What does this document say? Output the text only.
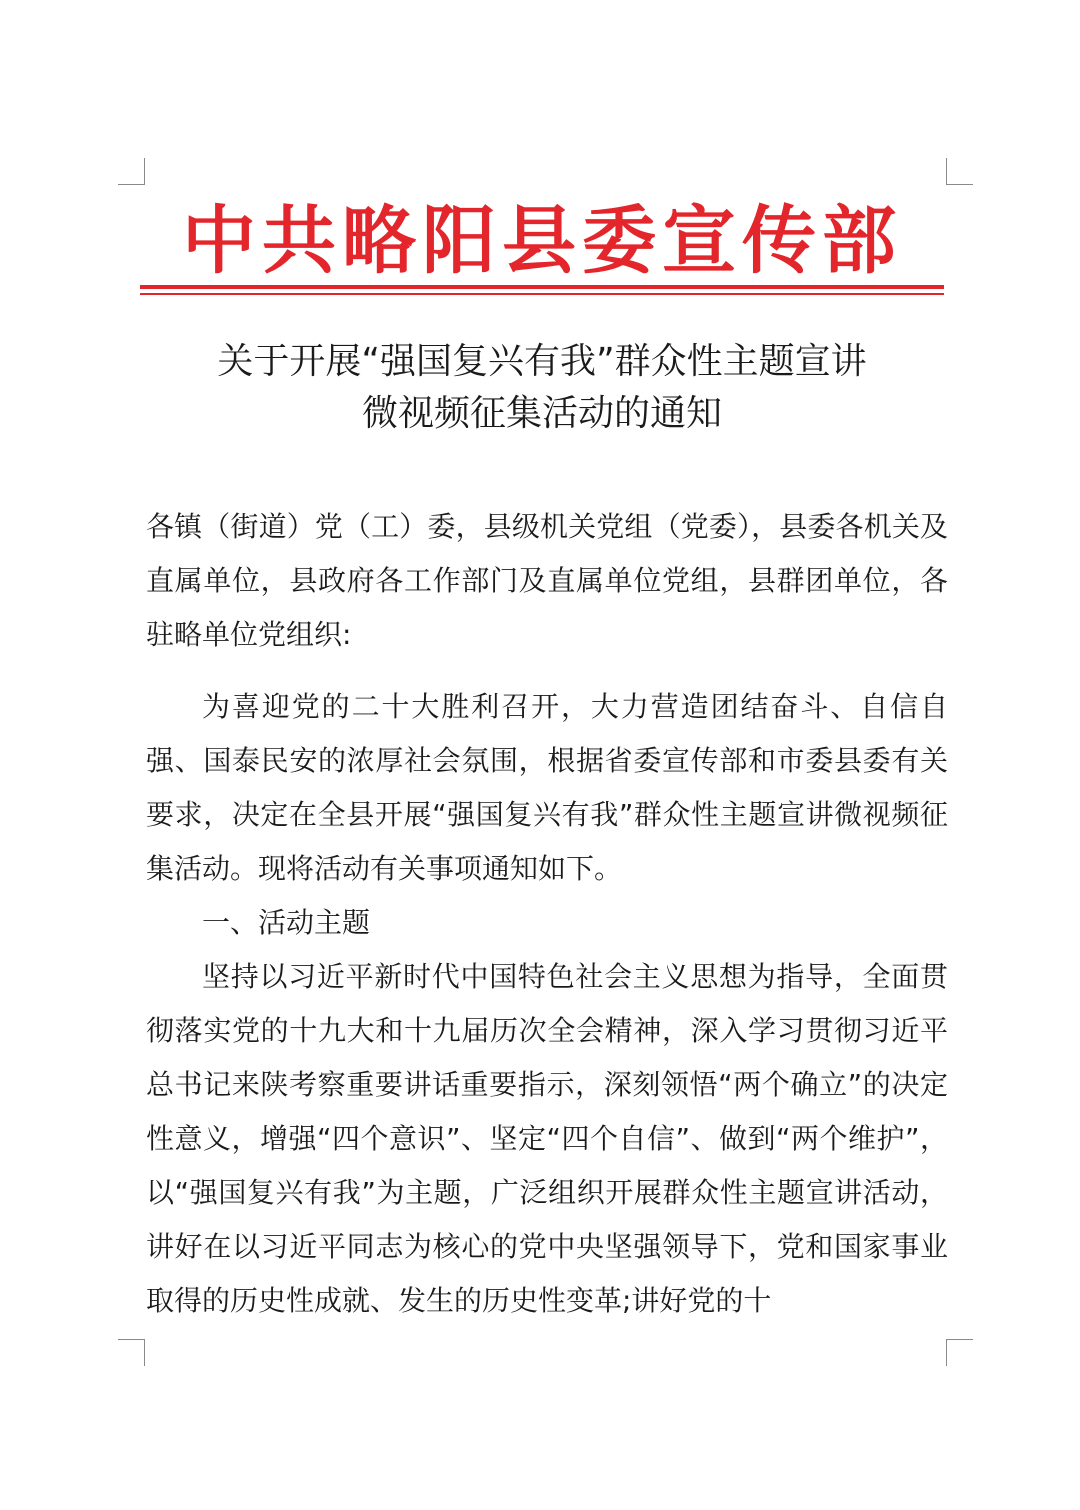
中共略阳县委宣传部
关于开展“强国复兴有我”群众性主题宣讲
微视频征集活动的通知

各镇（街道）党（工）委，县级机关党组（党委），县委各机关及直属单位，县政府各工作部门及直属单位党组，县群团单位，各驻略单位党组织:

为喜迎党的二十大胜利召开，大力营造团结奋斗、自信自强、国泰民安的浓厚社会氛围，根据省委宣传部和市委县委有关要求，决定在全县开展“强国复兴有我”群众性主题宣讲微视频征集活动。现将活动有关事项通知如下。

一、活动主题

坚持以习近平新时代中国特色社会主义思想为指导，全面贯彻落实党的十九大和十九届历次全会精神，深入学习贯彻习近平总书记来陕考察重要讲话重要指示，深刻领悟“两个确立”的决定性意义，增强“四个意识”、坚定“四个自信”、做到“两个维护”，以“强国复兴有我”为主题，广泛组织开展群众性主题宣讲活动，讲好在以习近平同志为核心的党中央坚强领导下，党和国家事业取得的历史性成就、发生的历史性变革;讲好党的十
